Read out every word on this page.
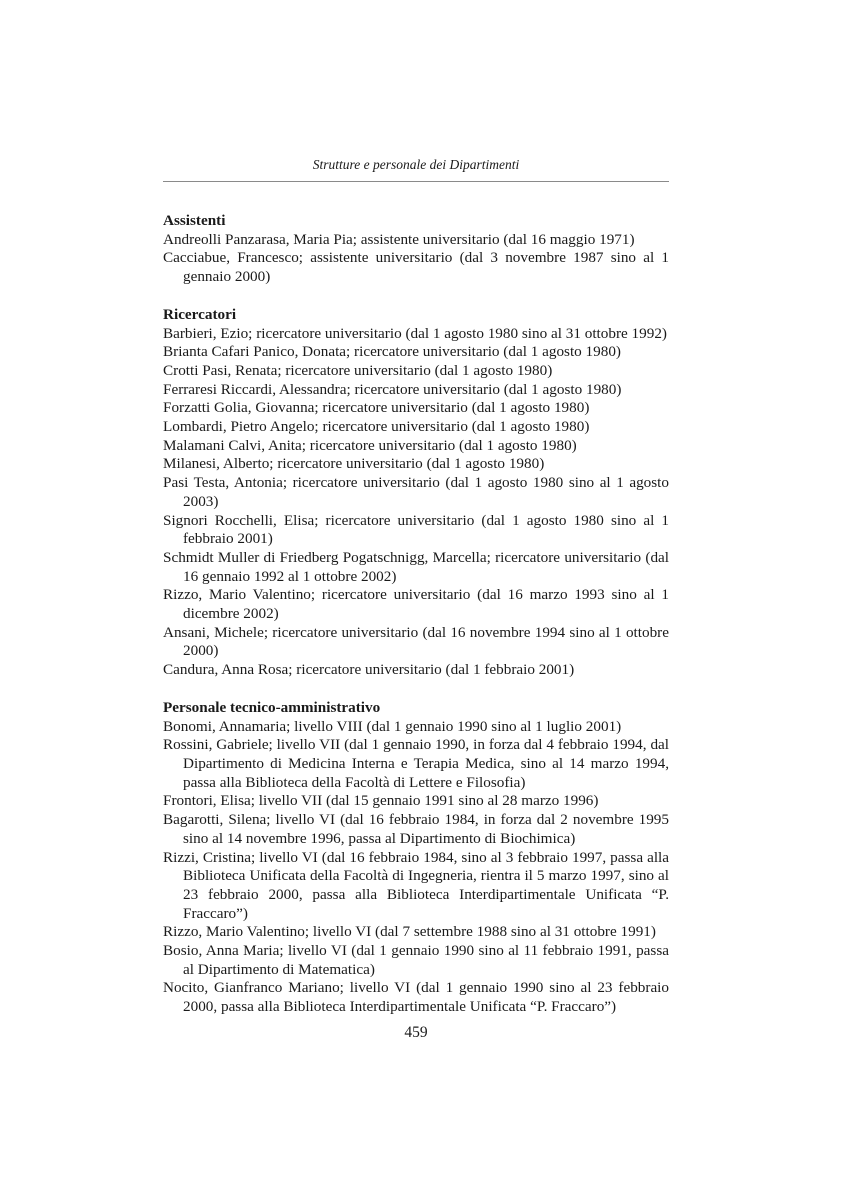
Strutture e personale dei Dipartimenti

Assistenti

Andreolli Panzarasa, Maria Pia; assistente universitario (dal 16 maggio 1971)

Cacciabue, Francesco; assistente universitario (dal 3 novembre 1987 sino al 1 gennaio 2000)

Ricercatori

Barbieri, Ezio; ricercatore universitario (dal 1 agosto 1980 sino al 31 ottobre 1992)

Brianta Cafari Panico, Donata; ricercatore universitario (dal 1 agosto 1980)

Crotti Pasi, Renata; ricercatore universitario (dal 1 agosto 1980)

Ferraresi Riccardi, Alessandra; ricercatore universitario (dal 1 agosto 1980)

Forzatti Golia, Giovanna; ricercatore universitario (dal 1 agosto 1980)

Lombardi, Pietro Angelo; ricercatore universitario (dal 1 agosto 1980)

Malamani Calvi, Anita; ricercatore universitario (dal 1 agosto 1980)

Milanesi, Alberto; ricercatore universitario (dal 1 agosto 1980)

Pasi Testa, Antonia; ricercatore universitario (dal 1 agosto 1980 sino al 1 agosto 2003)

Signori Rocchelli, Elisa; ricercatore universitario (dal 1 agosto 1980 sino al 1 febbraio 2001)

Schmidt Muller di Friedberg Pogatschnigg, Marcella; ricercatore universitario (dal 16 gennaio 1992 al 1 ottobre 2002)

Rizzo, Mario Valentino; ricercatore universitario (dal 16 marzo 1993 sino al 1 dicembre 2002)

Ansani, Michele; ricercatore universitario (dal 16 novembre 1994 sino al 1 ottobre 2000)

Candura, Anna Rosa; ricercatore universitario (dal 1 febbraio 2001)

Personale tecnico-amministrativo

Bonomi, Annamaria; livello VIII (dal 1 gennaio 1990 sino al 1 luglio 2001)

Rossini, Gabriele; livello VII (dal 1 gennaio 1990, in forza dal 4 febbraio 1994, dal Dipartimento di Medicina Interna e Terapia Medica, sino al 14 marzo 1994, passa alla Biblioteca della Facoltà di Lettere e Filosofia)

Frontori, Elisa; livello VII (dal 15 gennaio 1991 sino al 28 marzo 1996)

Bagarotti, Silena; livello VI (dal 16 febbraio 1984, in forza dal 2 novembre 1995 sino al 14 novembre 1996, passa al Dipartimento di Biochimica)

Rizzi, Cristina; livello VI (dal 16 febbraio 1984, sino al 3 febbraio 1997, passa alla Biblioteca Unificata della Facoltà di Ingegneria, rientra il 5 marzo 1997, sino al 23 febbraio 2000, passa alla Biblioteca Interdipartimentale Unificata “P. Fraccaro”)

Rizzo, Mario Valentino; livello VI (dal 7 settembre 1988 sino al 31 ottobre 1991)

Bosio, Anna Maria; livello VI (dal 1 gennaio 1990 sino al 11 febbraio 1991, passa al Dipartimento di Matematica)

Nocito, Gianfranco Mariano; livello VI (dal 1 gennaio 1990 sino al 23 febbraio 2000, passa alla Biblioteca Interdipartimentale Unificata “P. Fraccaro”)

459
